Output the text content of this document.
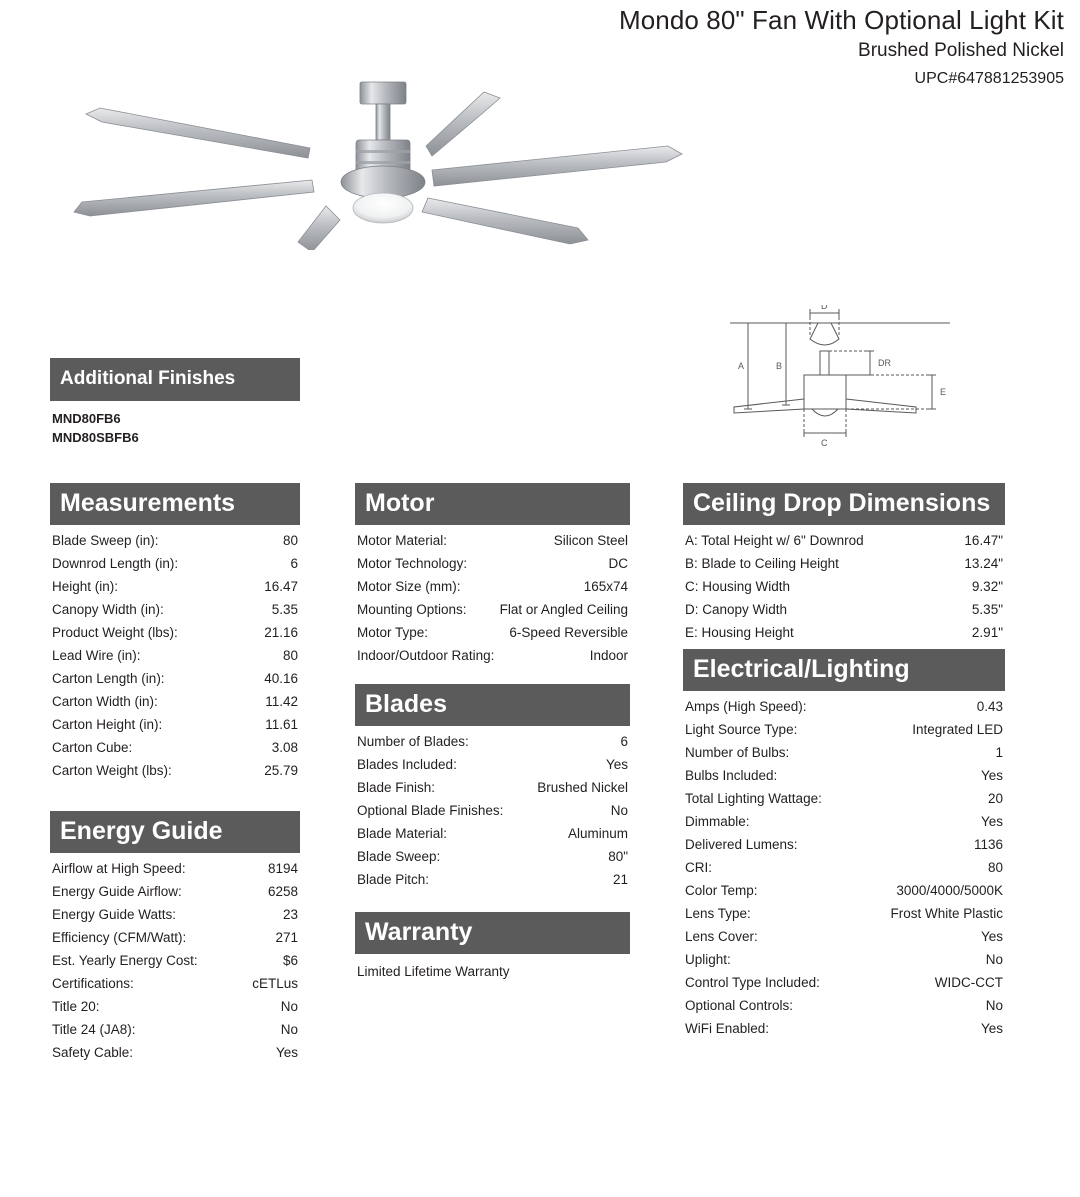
Mondo 80" Fan With Optional Light Kit
Brushed Polished Nickel
UPC#647881253905
A	B
C
D
E
DR
Additional Finishes
MND80FB6
MND80SBFB6
Measurements
Blade Sweep (in):	80
Downrod Length (in):	6
Height (in):	16.47
Canopy Width (in):	5.35
Product Weight (lbs):	21.16
Lead Wire (in):	80
Carton Length (in):	40.16
Carton Width (in):	11.42
Carton Height (in):	11.61
Carton Cube:	3.08
Carton Weight (lbs):	25.79
Energy Guide
Airflow at High Speed:	8194
Energy Guide Airflow:	6258
Energy Guide Watts:	23
Efficiency (CFM/Watt):	271
Est. Yearly Energy Cost:	$6
Certifications:	cETLus
Title 20:	No
Title 24 (JA8):	No
Safety Cable:	Yes
Motor
Motor Material:	Silicon Steel
Motor Technology:	DC
Motor Size (mm):	165x74
Mounting Options:	Flat or Angled Ceiling
Motor Type:	6-Speed Reversible
Indoor/Outdoor Rating:	Indoor
Blades
Number of Blades:	6
Blades Included:	Yes
Blade Finish:	Brushed Nickel
Optional Blade Finishes:	No
Blade Material:	Aluminum
Blade Sweep:	80"
Blade Pitch:	21
Warranty
Limited Lifetime Warranty
Ceiling Drop Dimensions
A: Total Height w/ 6" Downrod	16.47"
B: Blade to Ceiling Height	13.24"
C: Housing Width	9.32"
D: Canopy Width	5.35"
E: Housing Height	2.91"
Electrical/Lighting
Amps (High Speed):	0.43
Light Source Type:	Integrated LED
Number of Bulbs:	1
Bulbs Included:	Yes
Total Lighting Wattage:	20
Dimmable:	Yes
Delivered Lumens:	1136
CRI:	80
Color Temp:	3000/4000/5000K
Lens Type:	Frost White Plastic
Lens Cover:	Yes
Uplight:	No
Control Type Included:	WIDC-CCT
Optional Controls:	No
WiFi Enabled:	Yes
